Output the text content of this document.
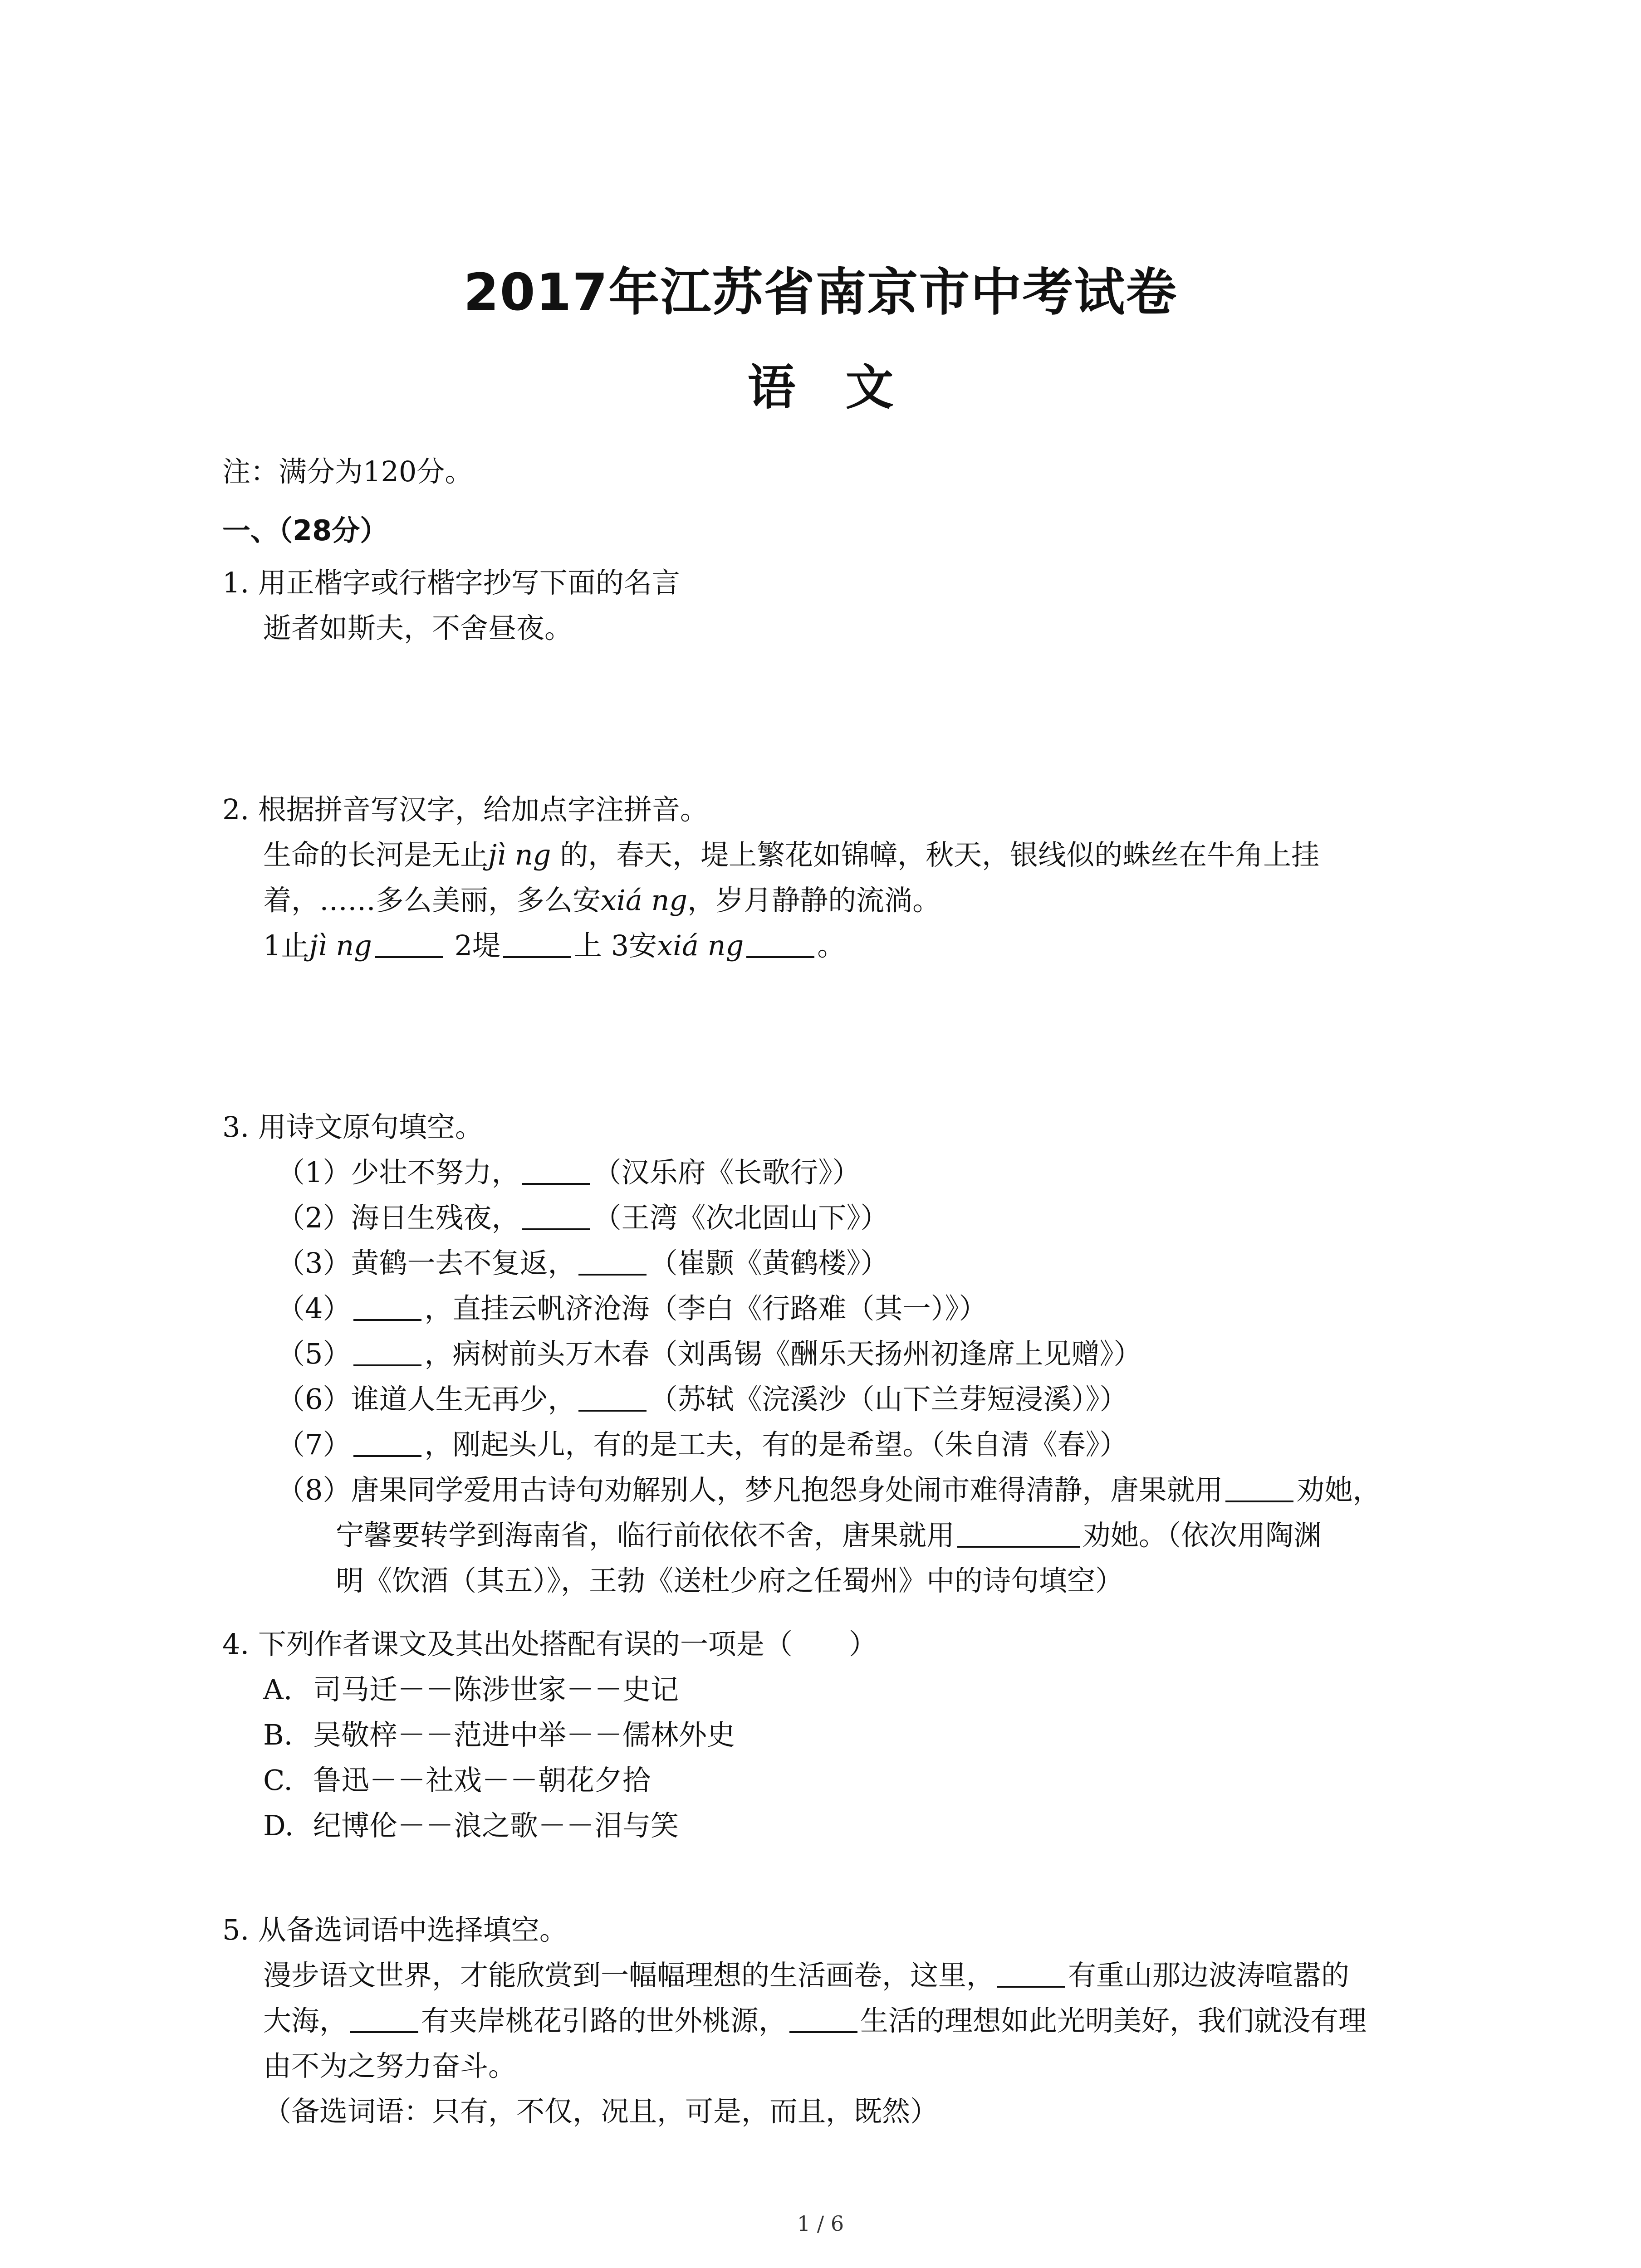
2017年江苏省南京市中考试卷
语文
注：满分为120分。
一、（28分）
1. 用正楷字或行楷字抄写下面的名言
逝者如斯夫，不舍昼夜。
2. 根据拼音写汉字，给加点字注拼音。
生命的长河是无止jì ng 的，春天，堤上繁花如锦幛，秋天，银线似的蛛丝在牛角上挂
着，……多么美丽，多么安xiá ng，岁月静静的流淌。
1止jì ng	2堤	上 3安xiá ng	。
3. 用诗文原句填空。
（1）少壮不努力，	（汉乐府《长歌行》）
（2）海日生残夜，	（王湾《次北固山下》）
（3）黄鹤一去不复返，	（崔颢《黄鹤楼》）
（4）	，直挂云帆济沧海（李白《行路难（其一）》）
（5）	，病树前头万木春（刘禹锡《酬乐天扬州初逢席上见赠》）
（6）谁道人生无再少，	（苏轼《浣溪沙（山下兰芽短浸溪）》）
（7）	，刚起头儿，有的是工夫，有的是希望。（朱自清《春》）
（8）唐果同学爱用古诗句劝解别人，梦凡抱怨身处闹市难得清静，唐果就用	劝她，
宁馨要转学到海南省，临行前依依不舍，唐果就用	劝她。（依次用陶渊
明《饮酒（其五）》，王勃《送杜少府之任蜀州》中的诗句填空）
4. 下列作者课文及其出处搭配有误的一项是（　　）
A. 司马迁－－陈涉世家－－史记
B. 吴敬梓－－范进中举－－儒林外史
C. 鲁迅－－社戏－－朝花夕拾
D. 纪博伦－－浪之歌－－泪与笑
5. 从备选词语中选择填空。
漫步语文世界，才能欣赏到一幅幅理想的生活画卷，这里，	有重山那边波涛喧嚣的
大海，	有夹岸桃花引路的世外桃源，	生活的理想如此光明美好，我们就没有理
由不为之努力奋斗。
（备选词语：只有，不仅，况且，可是，而且，既然）
1 / 6
